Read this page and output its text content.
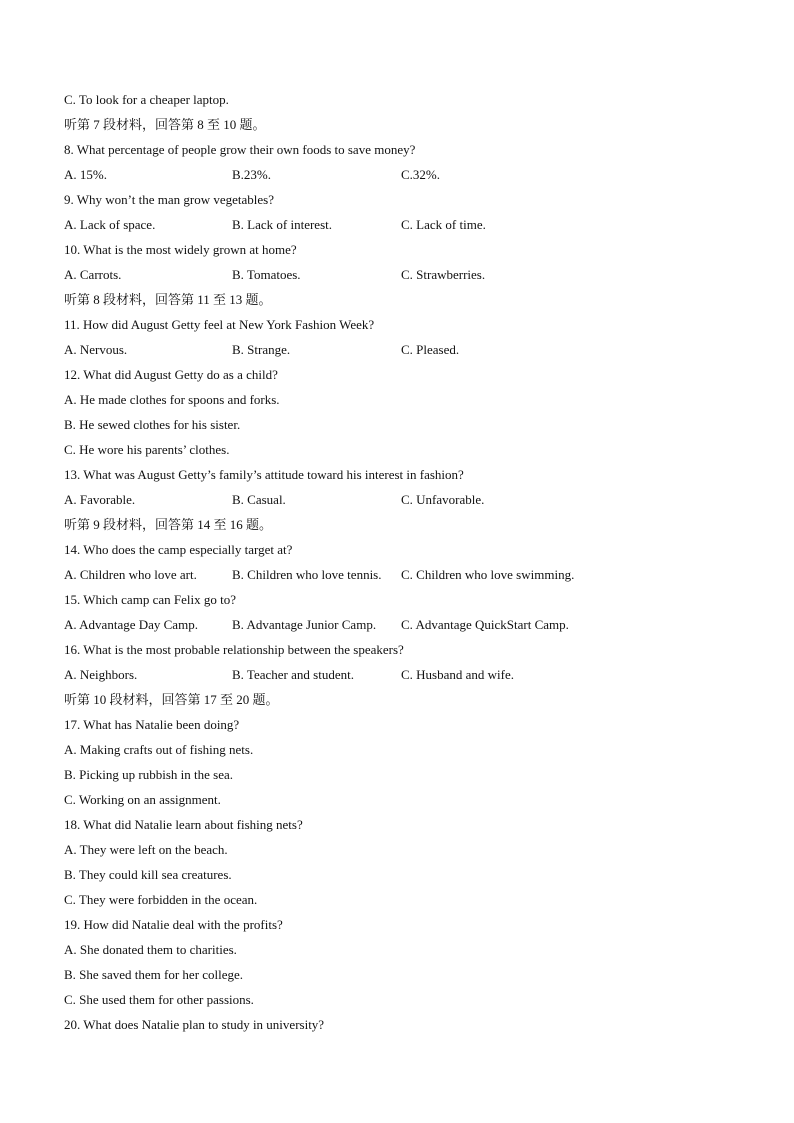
C. To look for a cheaper laptop.
听第 7 段材料，回答第 8 至 10 题。
8. What percentage of people grow their own foods to save money?
A. 15%.	B.23%.	C.32%.
9. Why won’t the man grow vegetables?
A. Lack of space.	B. Lack of interest.	C. Lack of time.
10. What is the most widely grown at home?
A. Carrots.	B. Tomatoes.	C. Strawberries.
听第 8 段材料，回答第 11 至 13 题。
11. How did August Getty feel at New York Fashion Week?
A. Nervous.	B. Strange.	C. Pleased.
12. What did August Getty do as a child?
A. He made clothes for spoons and forks.
B. He sewed clothes for his sister.
C. He wore his parents’ clothes.
13. What was August Getty’s family’s attitude toward his interest in fashion?
A. Favorable.	B. Casual.	C. Unfavorable.
听第 9 段材料，回答第 14 至 16 题。
14. Who does the camp especially target at?
A. Children who love art.	B. Children who love tennis.	C. Children who love swimming.
15. Which camp can Felix go to?
A. Advantage Day Camp.	B. Advantage Junior Camp.	C. Advantage QuickStart Camp.
16. What is the most probable relationship between the speakers?
A. Neighbors.	B. Teacher and student.	C. Husband and wife.
听第 10 段材料，回答第 17 至 20 题。
17. What has Natalie been doing?
A. Making crafts out of fishing nets.
B. Picking up rubbish in the sea.
C. Working on an assignment.
18. What did Natalie learn about fishing nets?
A. They were left on the beach.
B. They could kill sea creatures.
C. They were forbidden in the ocean.
19. How did Natalie deal with the profits?
A. She donated them to charities.
B. She saved them for her college.
C. She used them for other passions.
20. What does Natalie plan to study in university?
